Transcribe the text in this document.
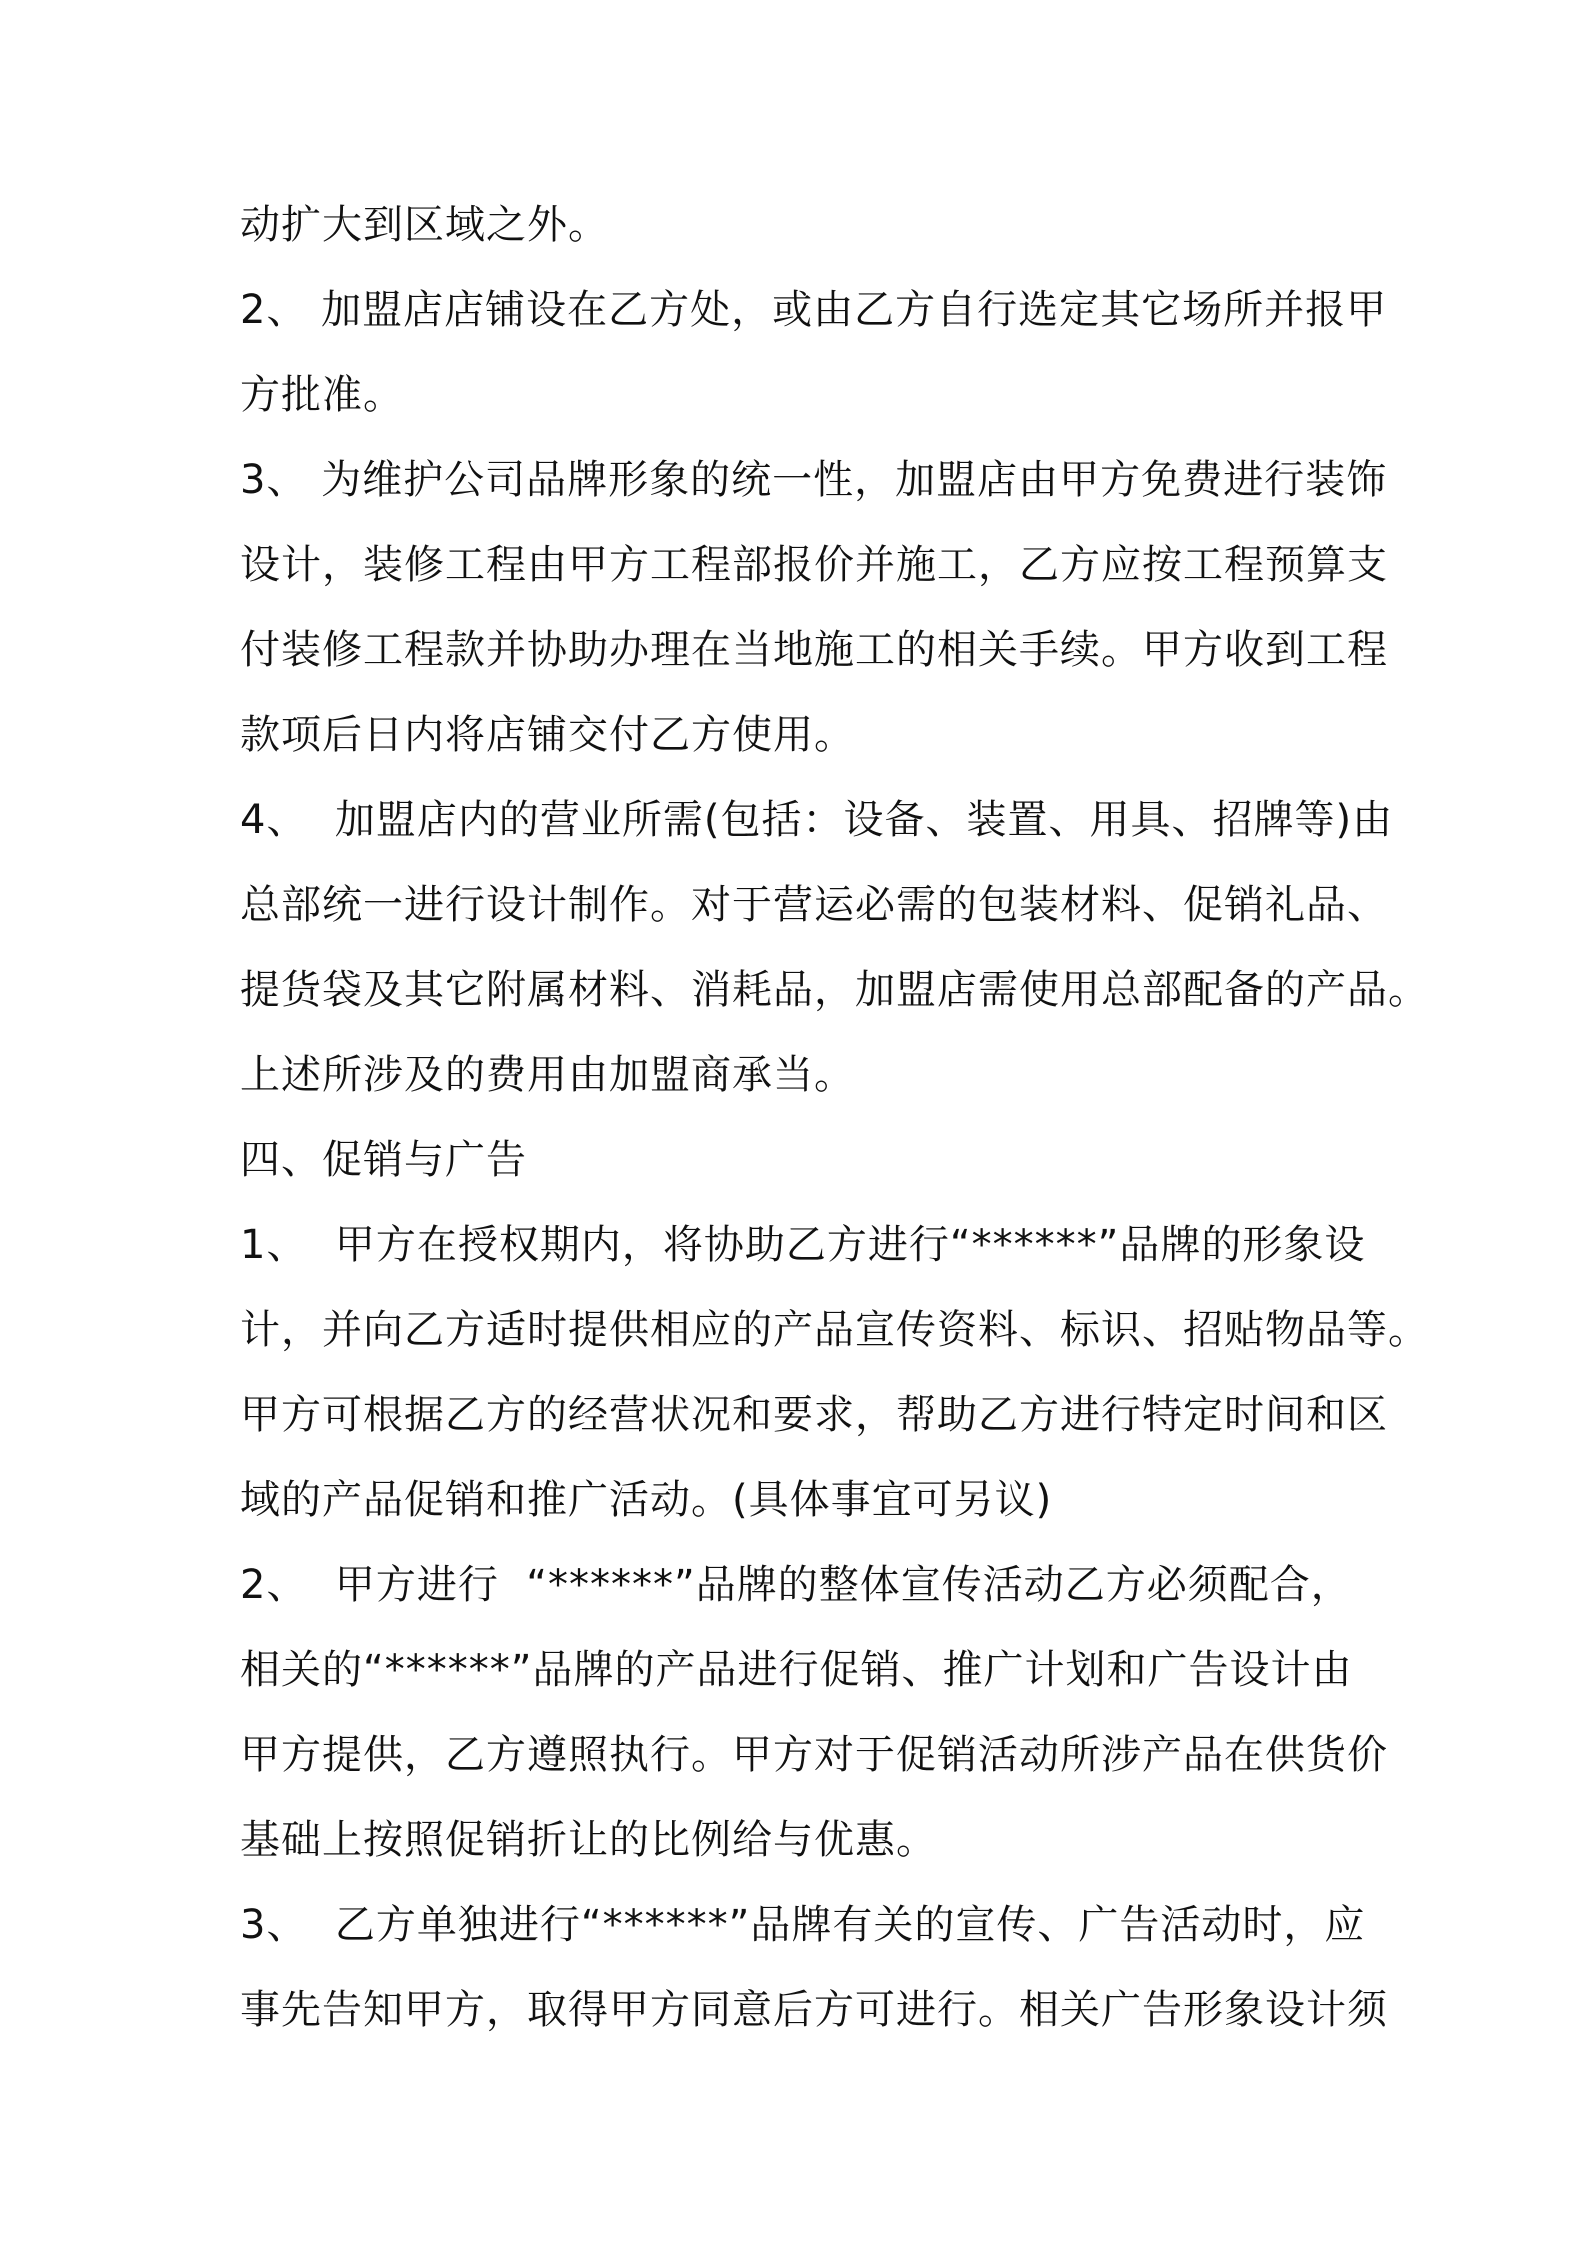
动扩大到区域之外。
2、 加盟店店铺设在乙方处，或由乙方自行选定其它场所并报甲
方批准。
3、 为维护公司品牌形象的统一性，加盟店由甲方免费进行装饰
设计，装修工程由甲方工程部报价并施工，乙方应按工程预算支
付装修工程款并协助办理在当地施工的相关手续。甲方收到工程
款项后日内将店铺交付乙方使用。
4、  加盟店内的营业所需(包括：设备、装置、用具、招牌等)由
总部统一进行设计制作。对于营运必需的包装材料、促销礼品、
提货袋及其它附属材料、消耗品，加盟店需使用总部配备的产品。
上述所涉及的费用由加盟商承当。
四、促销与广告
1、  甲方在授权期内，将协助乙方进行“******”品牌的形象设
计，并向乙方适时提供相应的产品宣传资料、标识、招贴物品等。
甲方可根据乙方的经营状况和要求，帮助乙方进行特定时间和区
域的产品促销和推广活动。(具体事宜可另议)
2、  甲方进行  “******”品牌的整体宣传活动乙方必须配合，
相关的“******”品牌的产品进行促销、推广计划和广告设计由
甲方提供，乙方遵照执行。甲方对于促销活动所涉产品在供货价
基础上按照促销折让的比例给与优惠。
3、  乙方单独进行“******”品牌有关的宣传、广告活动时，应
事先告知甲方，取得甲方同意后方可进行。相关广告形象设计须
